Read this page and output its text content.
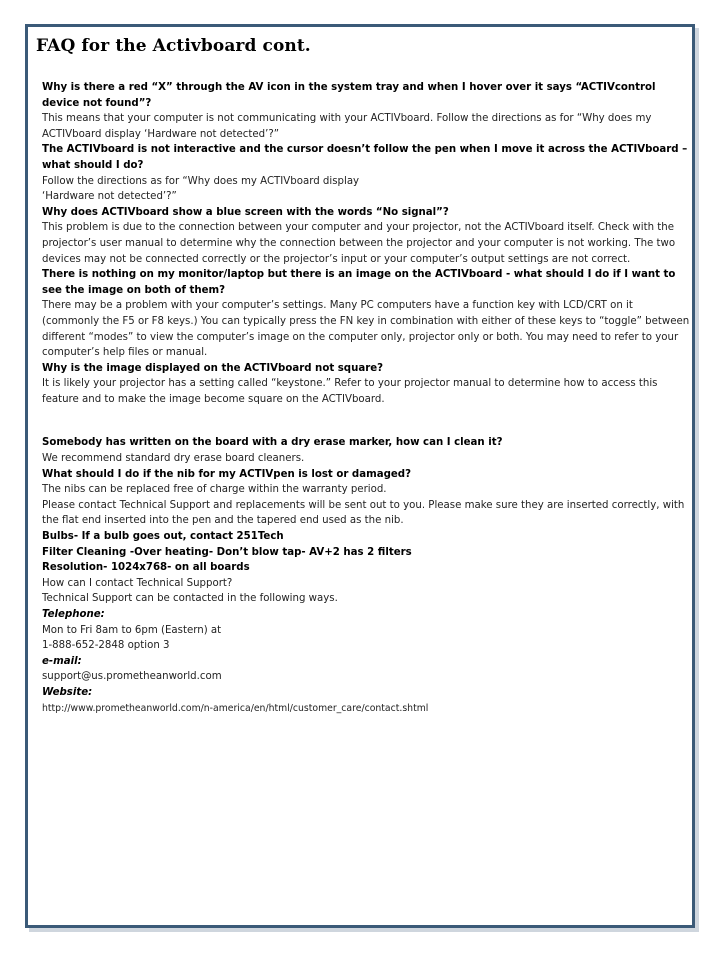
FAQ for the Activboard cont.

Why is there a red “X” through the AV icon in the system tray and when I hover over it says “ACTIVcontrol device not found”?

This means that your computer is not communicating with your ACTIVboard. Follow the directions as for “Why does my ACTIVboard display ‘Hardware not detected’?”

The ACTIVboard is not interactive and the cursor doesn’t follow the pen when I move it across the ACTIVboard – what should I do?

Follow the directions as for “Why does my ACTIVboard display

‘Hardware not detected’?”

Why does ACTIVboard show a blue screen with the words “No signal”?

This problem is due to the connection between your computer and your projector, not the ACTIVboard itself. Check with the projector’s user manual to determine why the connection between the projector and your computer is not working. The two devices may not be connected correctly or the projector’s input or your computer’s output settings are not correct.

There is nothing on my monitor/laptop but there is an image on the ACTIVboard - what should I do if I want to see the image on both of them?

There may be a problem with your computer’s settings. Many PC computers have a function key with LCD/CRT on it (commonly the F5 or F8 keys.) You can typically press the FN key in combination with either of these keys to “toggle” between different “modes” to view the computer’s image on the computer only, projector only or both. You may need to refer to your computer’s help files or manual.

Why is the image displayed on the ACTIVboard not square?

It is likely your projector has a setting called “keystone.” Refer to your projector manual to determine how to access this feature and to make the image become square on the ACTIVboard.

Somebody has written on the board with a dry erase marker, how can I clean it?

We recommend standard dry erase board cleaners.

What should I do if the nib for my ACTIVpen is lost or damaged?

The nibs can be replaced free of charge within the warranty period.

Please contact Technical Support and replacements will be sent out to you. Please make sure they are inserted correctly, with the flat end inserted into the pen and the tapered end used as the nib.

Bulbs- If a bulb goes out, contact 251Tech

Filter Cleaning -Over heating- Don’t blow tap- AV+2 has 2 filters

Resolution- 1024x768- on all boards

How can I contact Technical Support?

Technical Support can be contacted in the following ways.

Telephone:

Mon to Fri 8am to 6pm (Eastern) at

1-888-652-2848 option 3

e-mail:

support@us.prometheanworld.com

Website:

http://www.prometheanworld.com/n-america/en/html/customer_care/contact.shtml
